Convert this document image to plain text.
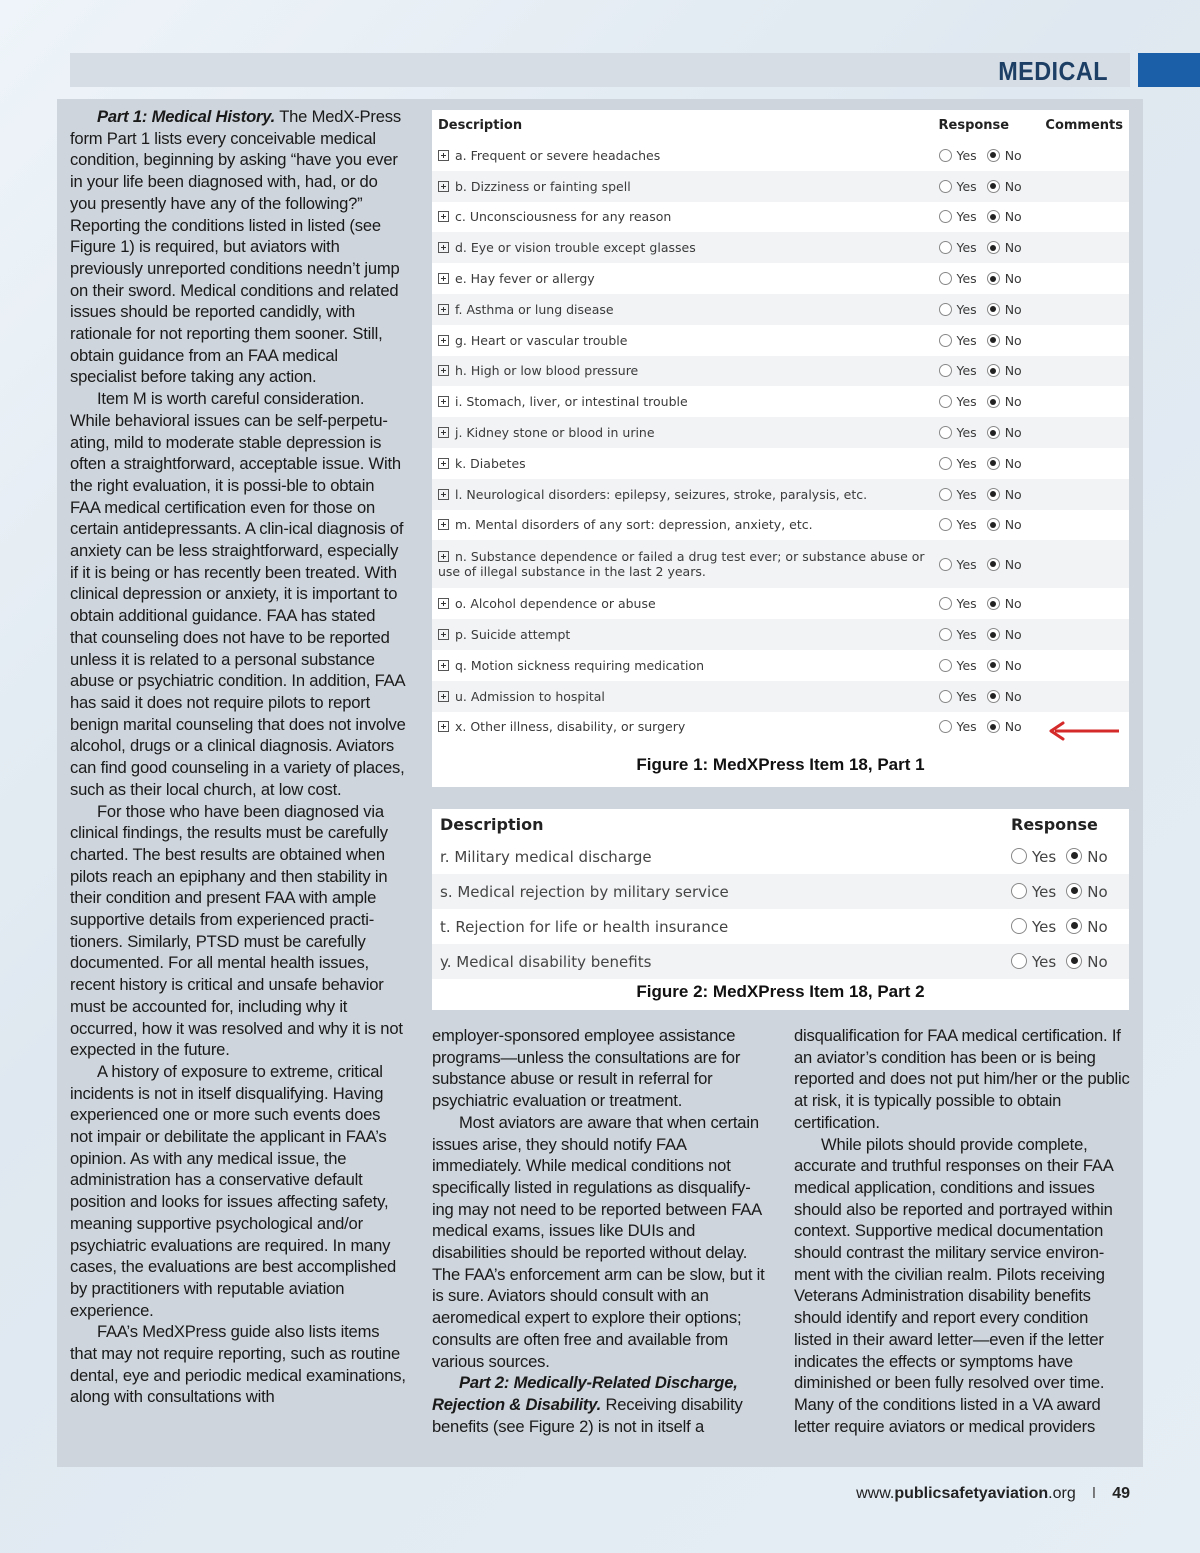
MEDICAL

Part 1: Medical History. The MedX-Press form Part 1 lists every conceivable medical condition, beginning by asking “have you ever in your life been diagnosed with, had, or do you presently have any of the following?” Reporting the conditions listed in listed (see Figure 1) is required, but aviators with previously unreported conditions needn’t jump on their sword. Medical conditions and related issues should be reported candidly, with rationale for not reporting them sooner. Still, obtain guidance from an FAA medical specialist before taking any action.

Item M is worth careful consideration. While behavioral issues can be self-perpetu-ating, mild to moderate stable depression is often a straightforward, acceptable issue. With the right evaluation, it is possi-ble to obtain FAA medical certification even for those on certain antidepressants. A clin-ical diagnosis of anxiety can be less straightforward, especially if it is being or has recently been treated. With clinical depression or anxiety, it is important to obtain additional guidance. FAA has stated that counseling does not have to be reported unless it is related to a personal substance abuse or psychiatric condition. In addition, FAA has said it does not require pilots to report benign marital counseling that does not involve alcohol, drugs or a clinical diagnosis. Aviators can find good counseling in a variety of places, such as their local church, at low cost.

For those who have been diagnosed via clinical findings, the results must be carefully charted. The best results are obtained when pilots reach an epiphany and then stability in their condition and present FAA with ample supportive details from experienced practi-tioners. Similarly, PTSD must be carefully documented. For all mental health issues, recent history is critical and unsafe behavior must be accounted for, including why it occurred, how it was resolved and why it is not expected in the future.

A history of exposure to extreme, critical incidents is not in itself disqualifying. Having experienced one or more such events does not impair or debilitate the applicant in FAA’s opinion. As with any medical issue, the administration has a conservative default position and looks for issues affecting safety, meaning supportive psychological and/or psychiatric evaluations are required. In many cases, the evaluations are best accomplished by practitioners with reputable aviation experience.

FAA’s MedXPress guide also lists items that may not require reporting, such as routine dental, eye and periodic medical examinations, along with consultations with

Description	Response	Comments
a. Frequent or severe headaches	Yes No	
b. Dizziness or fainting spell	Yes No	
c. Unconsciousness for any reason	Yes No	
d. Eye or vision trouble except glasses	Yes No	
e. Hay fever or allergy	Yes No	
f. Asthma or lung disease	Yes No	
g. Heart or vascular trouble	Yes No	
h. High or low blood pressure	Yes No	
i. Stomach, liver, or intestinal trouble	Yes No	
j. Kidney stone or blood in urine	Yes No	
k. Diabetes	Yes No	
l. Neurological disorders: epilepsy, seizures, stroke, paralysis, etc.	Yes No	
m. Mental disorders of any sort: depression, anxiety, etc.	Yes No	
n. Substance dependence or failed a drug test ever; or substance abuse or use of illegal substance in the last 2 years.	Yes No	
o. Alcohol dependence or abuse	Yes No	
p. Suicide attempt	Yes No	
q. Motion sickness requiring medication	Yes No	
u. Admission to hospital	Yes No	
x. Other illness, disability, or surgery	Yes No	
Figure 1: MedXPress Item 18, Part 1
Description	Response
r. Military medical discharge	Yes No
s. Medical rejection by military service	Yes No
t. Rejection for life or health insurance	Yes No
y. Medical disability benefits	Yes No
Figure 2: MedXPress Item 18, Part 2

employer-sponsored employee assistance programs—unless the consultations are for substance abuse or result in referral for psychiatric evaluation or treatment.

Most aviators are aware that when certain issues arise, they should notify FAA immediately. While medical conditions not specifically listed in regulations as disqualify-ing may not need to be reported between FAA medical exams, issues like DUIs and disabilities should be reported without delay. The FAA’s enforcement arm can be slow, but it is sure. Aviators should consult with an aeromedical expert to explore their options; consults are often free and available from various sources.

Part 2: Medically-Related Discharge, Rejection & Disability. Receiving disability benefits (see Figure 2) is not in itself a

disqualification for FAA medical certification. If an aviator’s condition has been or is being reported and does not put him/her or the public at risk, it is typically possible to obtain certification.

While pilots should provide complete, accurate and truthful responses on their FAA medical application, conditions and issues should also be reported and portrayed within context. Supportive medical documentation should contrast the military service environ-ment with the civilian realm. Pilots receiving Veterans Administration disability benefits should identify and report every condition listed in their award letter—even if the letter indicates the effects or symptoms have diminished or been fully resolved over time. Many of the conditions listed in a VA award letter require aviators or medical providers

www.publicsafetyaviation.org I 49
